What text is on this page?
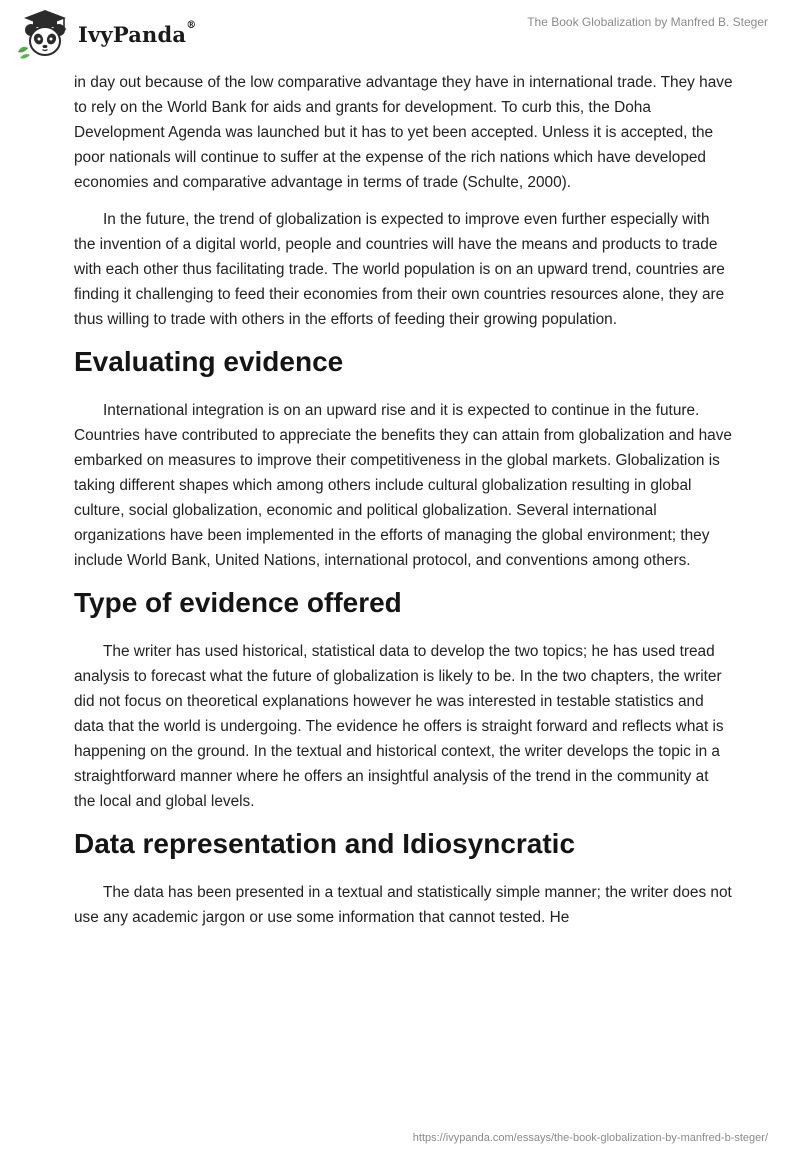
IvyPanda®	The Book Globalization by Manfred B. Steger

in day out because of the low comparative advantage they have in international trade. They have to rely on the World Bank for aids and grants for development. To curb this, the Doha Development Agenda was launched but it has to yet been accepted. Unless it is accepted, the poor nationals will continue to suffer at the expense of the rich nations which have developed economies and comparative advantage in terms of trade (Schulte, 2000).

In the future, the trend of globalization is expected to improve even further especially with the invention of a digital world, people and countries will have the means and products to trade with each other thus facilitating trade. The world population is on an upward trend, countries are finding it challenging to feed their economies from their own countries resources alone, they are thus willing to trade with others in the efforts of feeding their growing population.

Evaluating evidence

International integration is on an upward rise and it is expected to continue in the future. Countries have contributed to appreciate the benefits they can attain from globalization and have embarked on measures to improve their competitiveness in the global markets. Globalization is taking different shapes which among others include cultural globalization resulting in global culture, social globalization, economic and political globalization. Several international organizations have been implemented in the efforts of managing the global environment; they include World Bank, United Nations, international protocol, and conventions among others.

Type of evidence offered

The writer has used historical, statistical data to develop the two topics; he has used tread analysis to forecast what the future of globalization is likely to be. In the two chapters, the writer did not focus on theoretical explanations however he was interested in testable statistics and data that the world is undergoing. The evidence he offers is straight forward and reflects what is happening on the ground. In the textual and historical context, the writer develops the topic in a straightforward manner where he offers an insightful analysis of the trend in the community at the local and global levels.

Data representation and Idiosyncratic

The data has been presented in a textual and statistically simple manner; the writer does not use any academic jargon or use some information that cannot tested. He

https://ivypanda.com/essays/the-book-globalization-by-manfred-b-steger/
